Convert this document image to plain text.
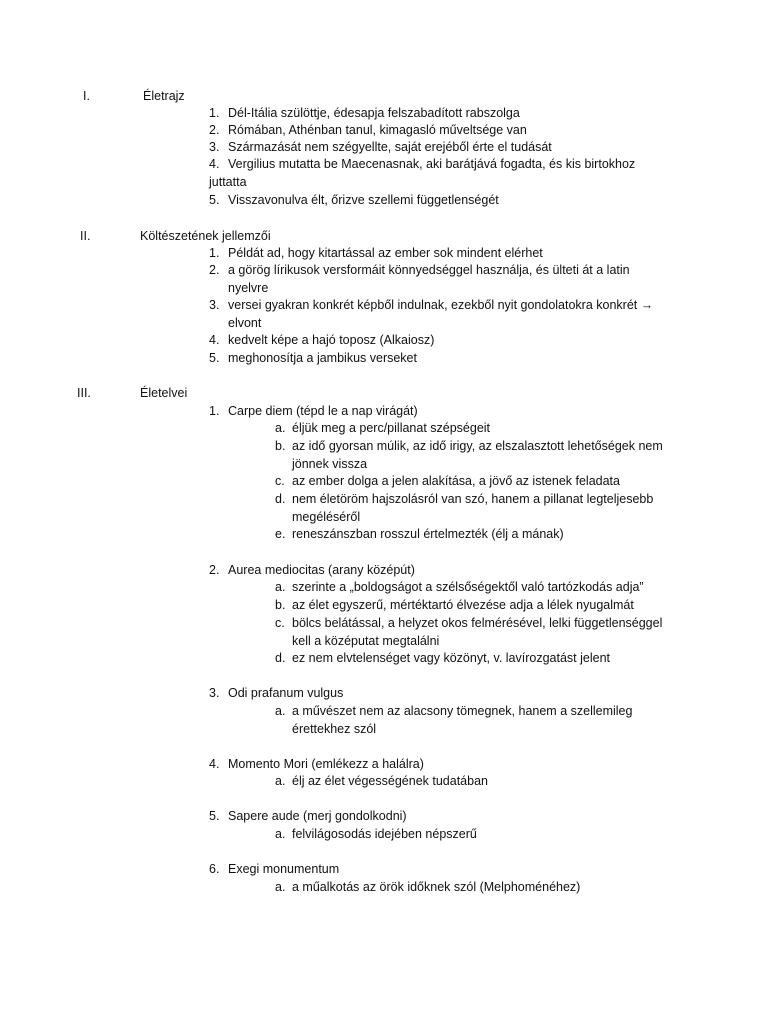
I.	Életrajz
1. Dél-Itália szülöttje, édesapja felszabadított rabszolga
2. Rómában, Athénban tanul, kimagasló műveltsége van
3. Származását nem szégyellte, saját erejéből érte el tudását
4. Vergilius mutatta be Maecenasnak, aki barátjává fogadta, és kis birtokhoz juttatta
5. Visszavonulva élt, őrizve szellemi függetlenségét
II.	Költészetének jellemzői
1. Példát ad, hogy kitartással az ember sok mindent elérhet
2. a görög lírikusok versformáit könnyedséggel használja, és ülteti át a latin nyelvre
3. versei gyakran konkrét képből indulnak, ezekből nyit gondolatokra konkrét → elvont
4. kedvelt képe a hajó toposz (Alkaiosz)
5. meghonosítja a jambikus verseket
III.	Életelvei
1. Carpe diem (tépd le a nap virágát)
a. éljük meg a perc/pillanat szépségeit
b. az idő gyorsan múlik, az idő irigy, az elszalasztott lehetőségek nem jönnek vissza
c. az ember dolga a jelen alakítása, a jövő az istenek feladata
d. nem életöröm hajszolásról van szó, hanem a pillanat legteljesebb megéléséről
e. reneszánszban rosszul értelmezték (élj a mának)
2. Aurea mediocitas (arany középút)
a. szerinte a „boldogságot a szélsőségektől való tartózkodás adja”
b. az élet egyszerű, mértéktartó élvezése adja a lélek nyugalmát
c. bölcs belátással, a helyzet okos felmérésével, lelki függetlenséggel kell a középutat megtalálni
d. ez nem elvtelenséget vagy közönyt, v. lavírozgatást jelent
3. Odi prafanum vulgus
a. a művészet nem az alacsony tömegnek, hanem a szellemileg érettekhez szól
4. Momento Mori (emlékezz a halálra)
a. élj az élet végességének tudatában
5. Sapere aude (merj gondolkodni)
a. felvilágosodás idejében népszerű
6. Exegi monumentum
a. a műalkotás az örök időknek szól (Melphoménéhez)
